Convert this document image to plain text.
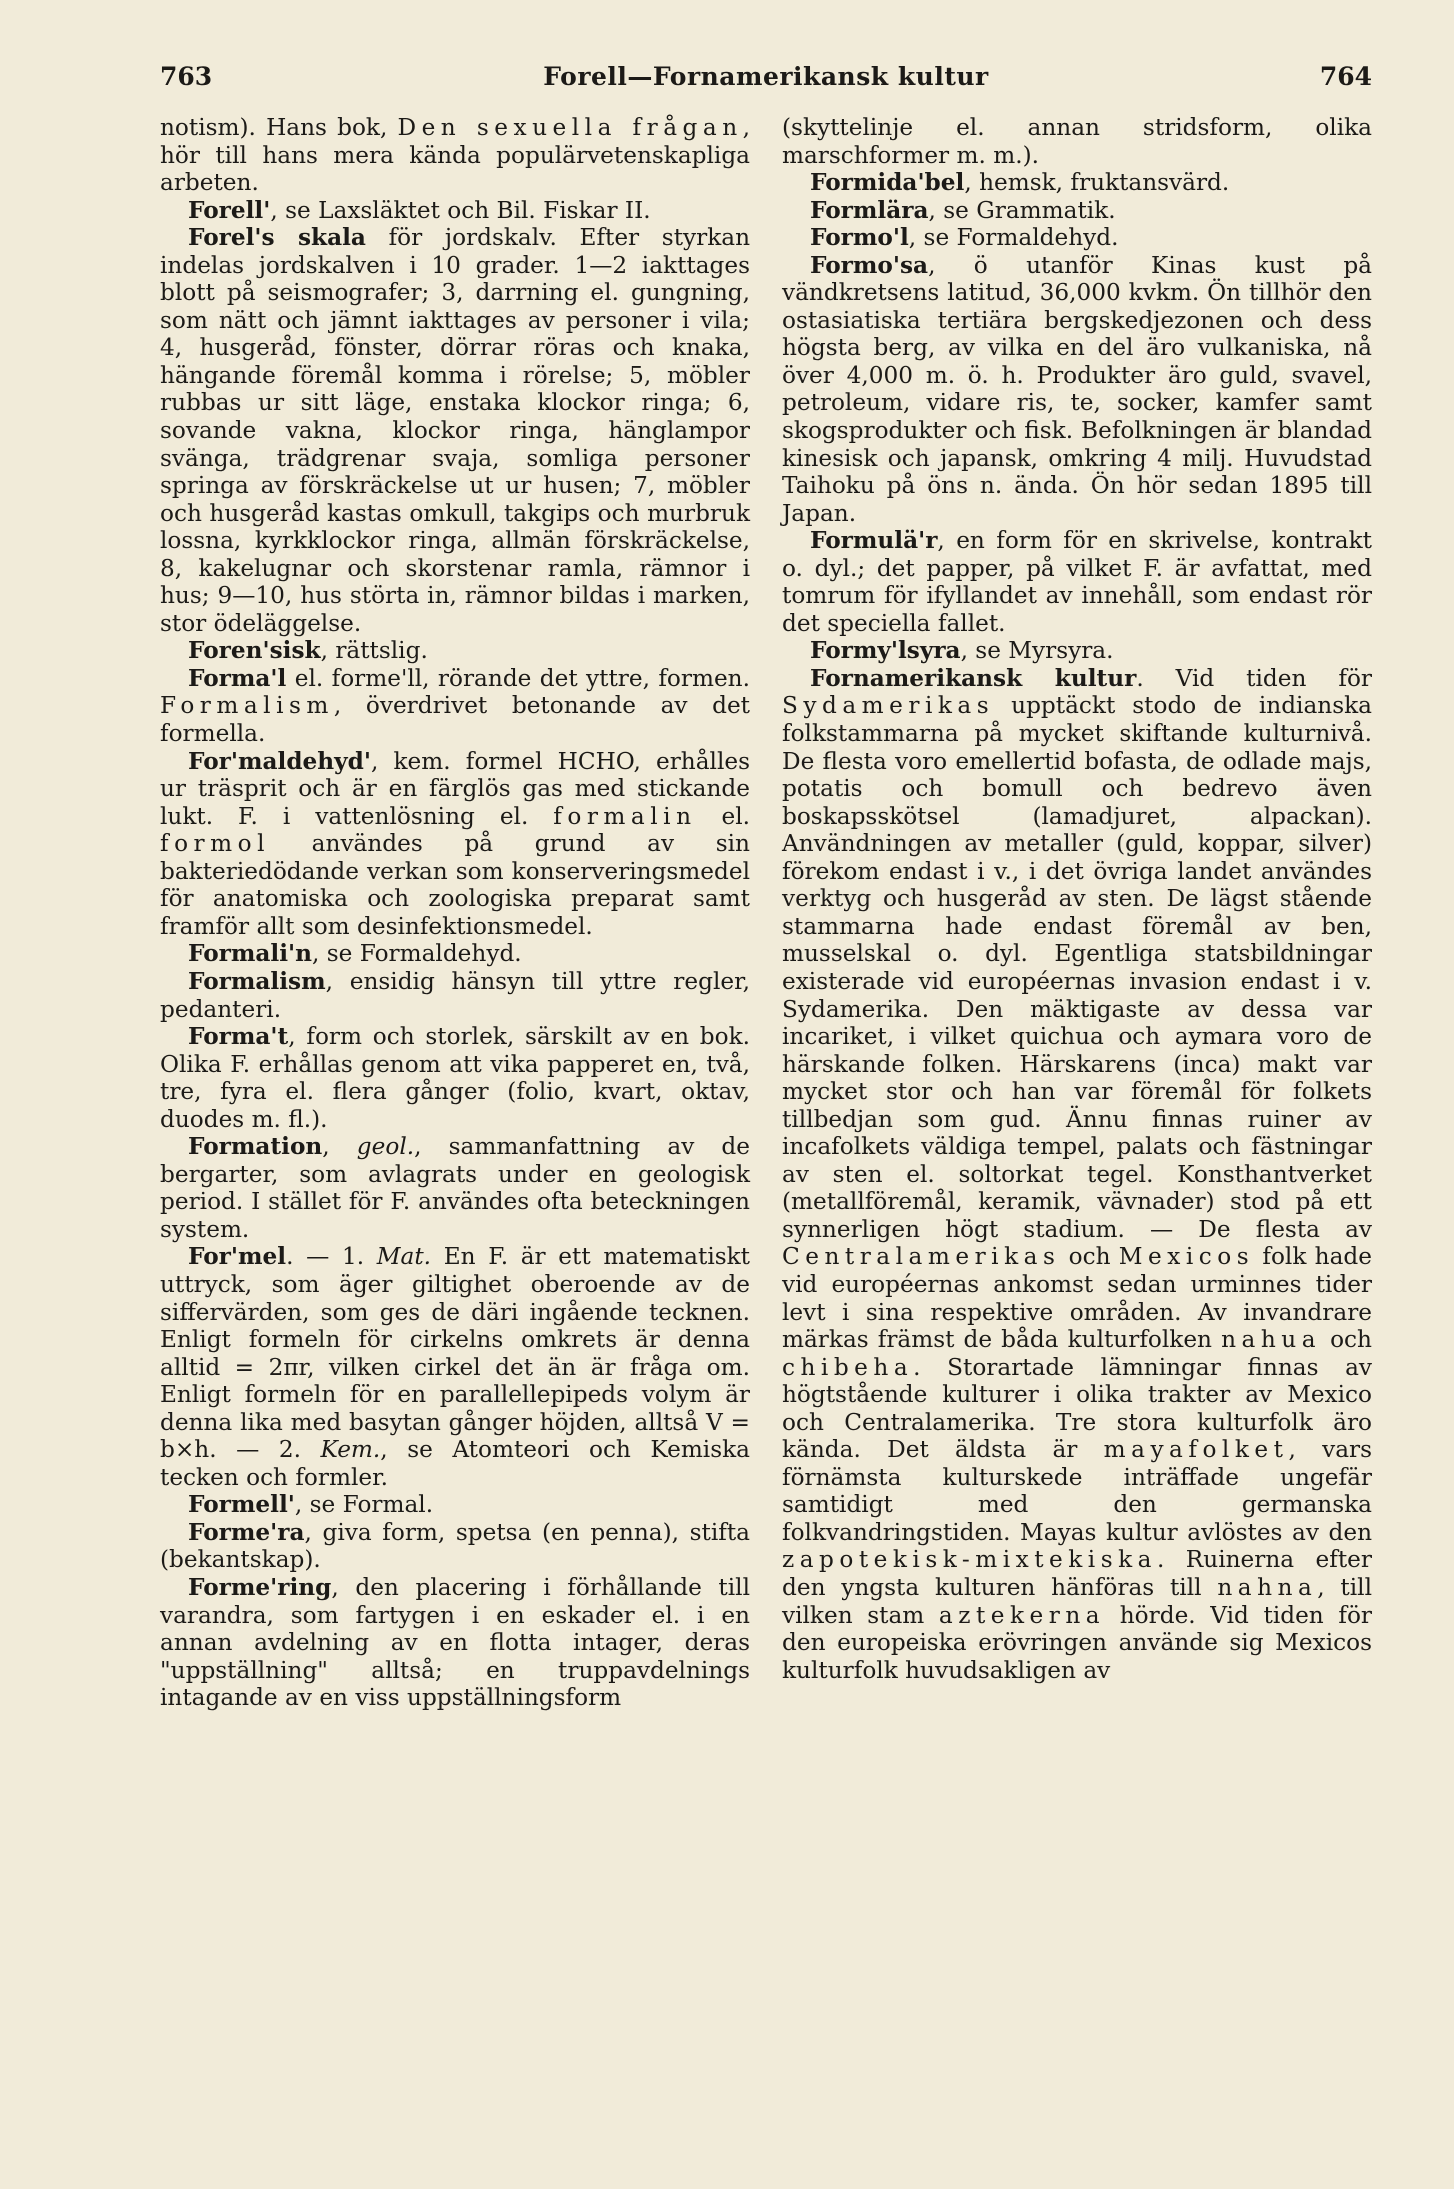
763	Forell—Fornamerikansk kultur	764

notism). Hans bok, Den sexuella frågan, hör till hans mera kända populärvetenskapliga arbeten.

Forell', se Laxsläktet och Bil. Fiskar II.

Forel's skala för jordskalv. Efter styrkan indelas jordskalven i 10 grader. 1—2 iakttages blott på seismografer; 3, darrning el. gungning, som nätt och jämnt iakttages av personer i vila; 4, husgeråd, fönster, dörrar röras och knaka, hängande föremål komma i rörelse; 5, möbler rubbas ur sitt läge, enstaka klockor ringa; 6, sovande vakna, klockor ringa, hänglampor svänga, trädgrenar svaja, somliga personer springa av förskräckelse ut ur husen; 7, möbler och husgeråd kastas omkull, takgips och murbruk lossna, kyrkklockor ringa, allmän förskräckelse, 8, kakelugnar och skorstenar ramla, rämnor i hus; 9—10, hus störta in, rämnor bildas i marken, stor ödeläggelse.

Foren'sisk, rättslig.

Forma'l el. forme'll, rörande det yttre, formen. Formalism, överdrivet betonande av det formella.

For'maldehyd', kem. formel HCHO, erhålles ur träsprit och är en färglös gas med stickande lukt. F. i vattenlösning el. formalin el. formol användes på grund av sin bakteriedödande verkan som konserveringsmedel för anatomiska och zoologiska preparat samt framför allt som desinfektionsmedel.

Formali'n, se Formaldehyd.

Formalism, ensidig hänsyn till yttre regler, pedanteri.

Forma't, form och storlek, särskilt av en bok. Olika F. erhållas genom att vika papperet en, två, tre, fyra el. flera gånger (folio, kvart, oktav, duodes m. fl.).

Formation, geol., sammanfattning av de bergarter, som avlagrats under en geologisk period. I stället för F. användes ofta beteckningen system.

For'mel. — 1. Mat. En F. är ett matematiskt uttryck, som äger giltighet oberoende av de siffervärden, som ges de däri ingående tecknen. Enligt formeln för cirkelns omkrets är denna alltid = 2πr, vilken cirkel det än är fråga om. Enligt formeln för en parallellepipeds volym är denna lika med basytan gånger höjden, alltså V = b×h. — 2. Kem., se Atomteori och Kemiska tecken och formler.

Formell', se Formal.

Forme'ra, giva form, spetsa (en penna), stifta (bekantskap).

Forme'ring, den placering i förhållande till varandra, som fartygen i en eskader el. i en annan avdelning av en flotta intager, deras "uppställning" alltså; en truppavdelnings intagande av en viss uppställningsform

(skyttelinje el. annan stridsform, olika marschformer m. m.).

Formida'bel, hemsk, fruktansvärd.

Formlära, se Grammatik.

Formo'l, se Formaldehyd.

Formo'sa, ö utanför Kinas kust på vändkretsens latitud, 36,000 kvkm. Ön tillhör den ostasiatiska tertiära bergskedjezonen och dess högsta berg, av vilka en del äro vulkaniska, nå över 4,000 m. ö. h. Produkter äro guld, svavel, petroleum, vidare ris, te, socker, kamfer samt skogsprodukter och fisk. Befolkningen är blandad kinesisk och japansk, omkring 4 milj. Huvudstad Taihoku på öns n. ända. Ön hör sedan 1895 till Japan.

Formulä'r, en form för en skrivelse, kontrakt o. dyl.; det papper, på vilket F. är avfattat, med tomrum för ifyllandet av innehåll, som endast rör det speciella fallet.

Formy'lsyra, se Myrsyra.

Fornamerikansk kultur. Vid tiden för Sydamerikas upptäckt stodo de indianska folkstammarna på mycket skiftande kulturnivå. De flesta voro emellertid bofasta, de odlade majs, potatis och bomull och bedrevo även boskapsskötsel (lamadjuret, alpackan). Användningen av metaller (guld, koppar, silver) förekom endast i v., i det övriga landet användes verktyg och husgeråd av sten. De lägst stående stammarna hade endast föremål av ben, musselskal o. dyl. Egentliga statsbildningar existerade vid européernas invasion endast i v. Sydamerika. Den mäktigaste av dessa var incariket, i vilket quichua och aymara voro de härskande folken. Härskarens (inca) makt var mycket stor och han var föremål för folkets tillbedjan som gud. Ännu finnas ruiner av incafolkets väldiga tempel, palats och fästningar av sten el. soltorkat tegel. Konsthantverket (metallföremål, keramik, vävnader) stod på ett synnerligen högt stadium. — De flesta av Centralamerikas och Mexicos folk hade vid européernas ankomst sedan urminnes tider levt i sina respektive områden. Av invandrare märkas främst de båda kulturfolken nahua och chibeha. Storartade lämningar finnas av högtstående kulturer i olika trakter av Mexico och Centralamerika. Tre stora kulturfolk äro kända. Det äldsta är mayafolket, vars förnämsta kulturskede inträffade ungefär samtidigt med den germanska folkvandringstiden. Mayas kultur avlöstes av den zapotekisk-mixtekiska. Ruinerna efter den yngsta kulturen hänföras till nahna, till vilken stam aztekerna hörde. Vid tiden för den europeiska erövringen använde sig Mexicos kulturfolk huvudsakligen av
